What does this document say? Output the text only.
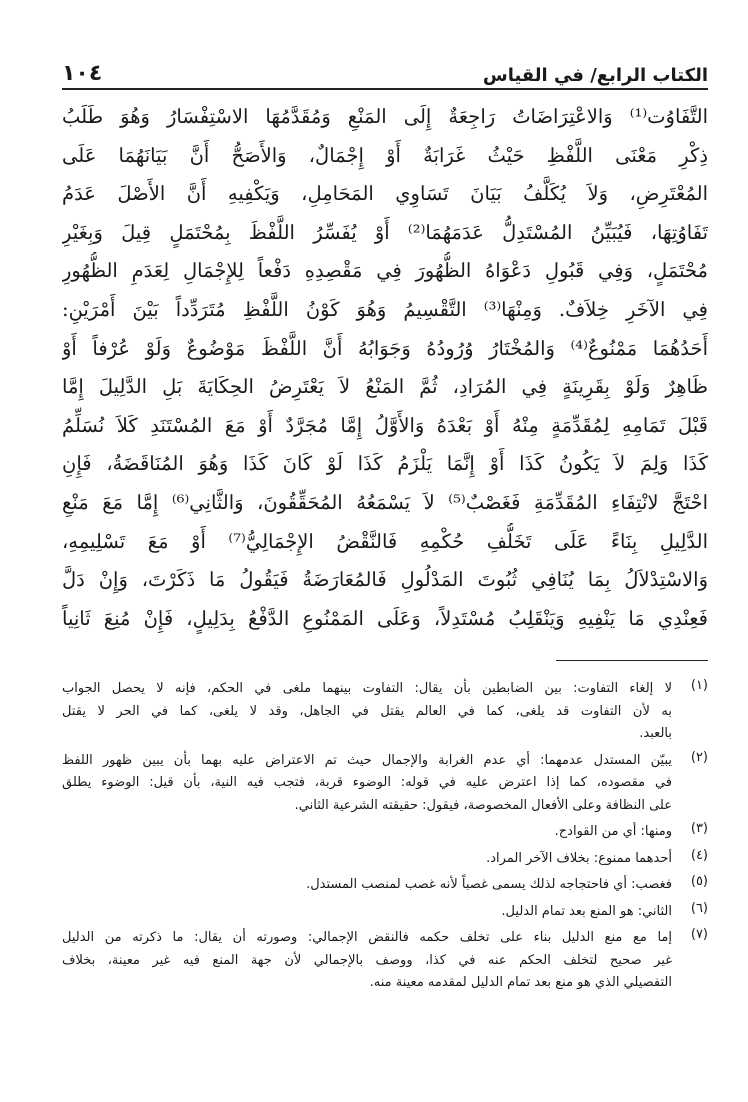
الكتاب الرابع/ في القياس
١٠٤
التَّفَاوُت⁽¹⁾ وَالاعْتِرَاضَاتُ رَاجِعَةٌ إِلَى المَنْعِ وَمُقَدَّمُهَا الاسْتِفْسَارُ وَهُوَ طَلَبُ
ذِكْرِ مَعْنَى اللَّفْظِ حَيْثُ غَرَابَةٌ أَوْ إِجْمَالٌ، وَالأَصَحُّ أَنَّ بَيَانَهُمَا عَلَى
المُعْتَرِضِ، وَلاَ يُكَلَّفُ بَيَانَ تَسَاوِي المَحَامِلِ، وَيَكْفِيهِ أَنَّ الأَصْلَ عَدَمُ
تَفَاوُتِهَا، فَيُبَيِّنُ المُسْتَدِلُّ عَدَمَهُمَا⁽²⁾ أَوْ يُفَسِّرُ اللَّفْظَ بِمُحْتَمَلٍ قِيلَ وَبِغَيْرِ
مُحْتَمَلٍ، وَفِي قَبُولِ دَعْوَاهُ الظُّهُورَ فِي مَقْصِدِهِ دَفْعاً لِلإِجْمَالِ لِعَدَمِ الظُّهُورِ
فِي الآخَرِ خِلاَفٌ. وَمِنْهَا⁽³⁾ التَّقْسِيمُ وَهُوَ كَوْنُ اللَّفْظِ مُتَرَدِّداً بَيْنَ أَمْرَيْنِ:
أَحَدُهُمَا مَمْنُوعٌ⁽⁴⁾ وَالمُخْتَارُ وُرُودُهُ وَجَوَابُهُ أَنَّ اللَّفْظَ مَوْضُوعٌ وَلَوْ عُرْفاً أَوْ
ظَاهِرٌ وَلَوْ بِقَرِينَةٍ فِي المُرَادِ، ثُمَّ المَنْعُ لاَ يَعْتَرِضُ الحِكَايَةَ بَلِ الدَّلِيلَ إِمَّا
قَبْلَ تَمَامِهِ لِمُقَدِّمَةٍ مِنْهُ أَوْ بَعْدَهُ وَالأَوَّلُ إِمَّا مُجَرَّدٌ أَوْ مَعَ المُسْتَنَدِ كَلاَ نُسَلِّمُ
كَذَا وَلِمَ لاَ يَكُونُ كَذَا أَوْ إِنَّمَا يَلْزَمُ كَذَا لَوْ كَانَ كَذَا وَهُوَ المُنَاقَضَةُ، فَإِنِ
احْتَجَّ لانْتِفَاءِ المُقَدِّمَةِ فَغَصْبٌ⁽⁵⁾ لاَ يَسْمَعُهُ المُحَقِّقُونَ، وَالثَّانِي⁽⁶⁾ إِمَّا مَعَ مَنْعِ
الدَّلِيلِ بِنَاءً عَلَى تَخَلُّفِ حُكْمِهِ فَالنَّقْضُ الإِجْمَالِيُّ⁽⁷⁾ أَوْ مَعَ تَسْلِيمِهِ،
وَالاسْتِدْلاَلُ بِمَا يُنَافِي ثُبُوتَ المَدْلُولِ فَالمُعَارَضَةُ فَيَقُولُ مَا ذَكَرْتَ، وَإِنْ دَلَّ
فَعِنْدِي مَا يَنْفِيهِ وَيَنْقَلِبُ مُسْتَدِلاً، وَعَلَى المَمْنُوعِ الدَّفْعُ بِدَلِيلٍ، فَإِنْ مُنِعَ ثَانِياً
(١)
لا إلغاء التفاوت: بين الضابطين بأن يقال: التفاوت بينهما ملغى في الحكم، فإنه لا يحصل الجواب
به لأن التفاوت قد يلغى، كما في العالم يقتل في الجاهل، وقد لا يلغى، كما في الحر لا يقتل
بالعبد.
(٢)
يبيّن المستدل عدمهما: أي عدم الغرابة والإجمال حيث تم الاعتراض عليه بهما بأن يبين ظهور اللفظ
في مقصوده، كما إذا اعترض عليه في قوله: الوضوء قربة، فتجب فيه النية، بأن قيل: الوضوء يطلق
على النظافة وعلى الأفعال المخصوصة، فيقول: حقيقته الشرعية الثاني.
(٣)
ومنها: أي من القوادح.
(٤)
أحدهما ممنوع: بخلاف الآخر المراد.
(٥)
فغصب: أي فاحتجاجه لذلك يسمى غصباً لأنه غصب لمنصب المستدل.
(٦)
الثاني: هو المنع بعد تمام الدليل.
(٧)
إما مع منع الدليل بناء على تخلف حكمه فالنقض الإجمالي: وصورته أن يقال: ما ذكرته من الدليل
غير صحيح لتخلف الحكم عنه في كذا، ووصف بالإجمالي لأن جهة المنع فيه غير معينة، بخلاف
التفصيلي الذي هو منع بعد تمام الدليل لمقدمه معينة منه.
